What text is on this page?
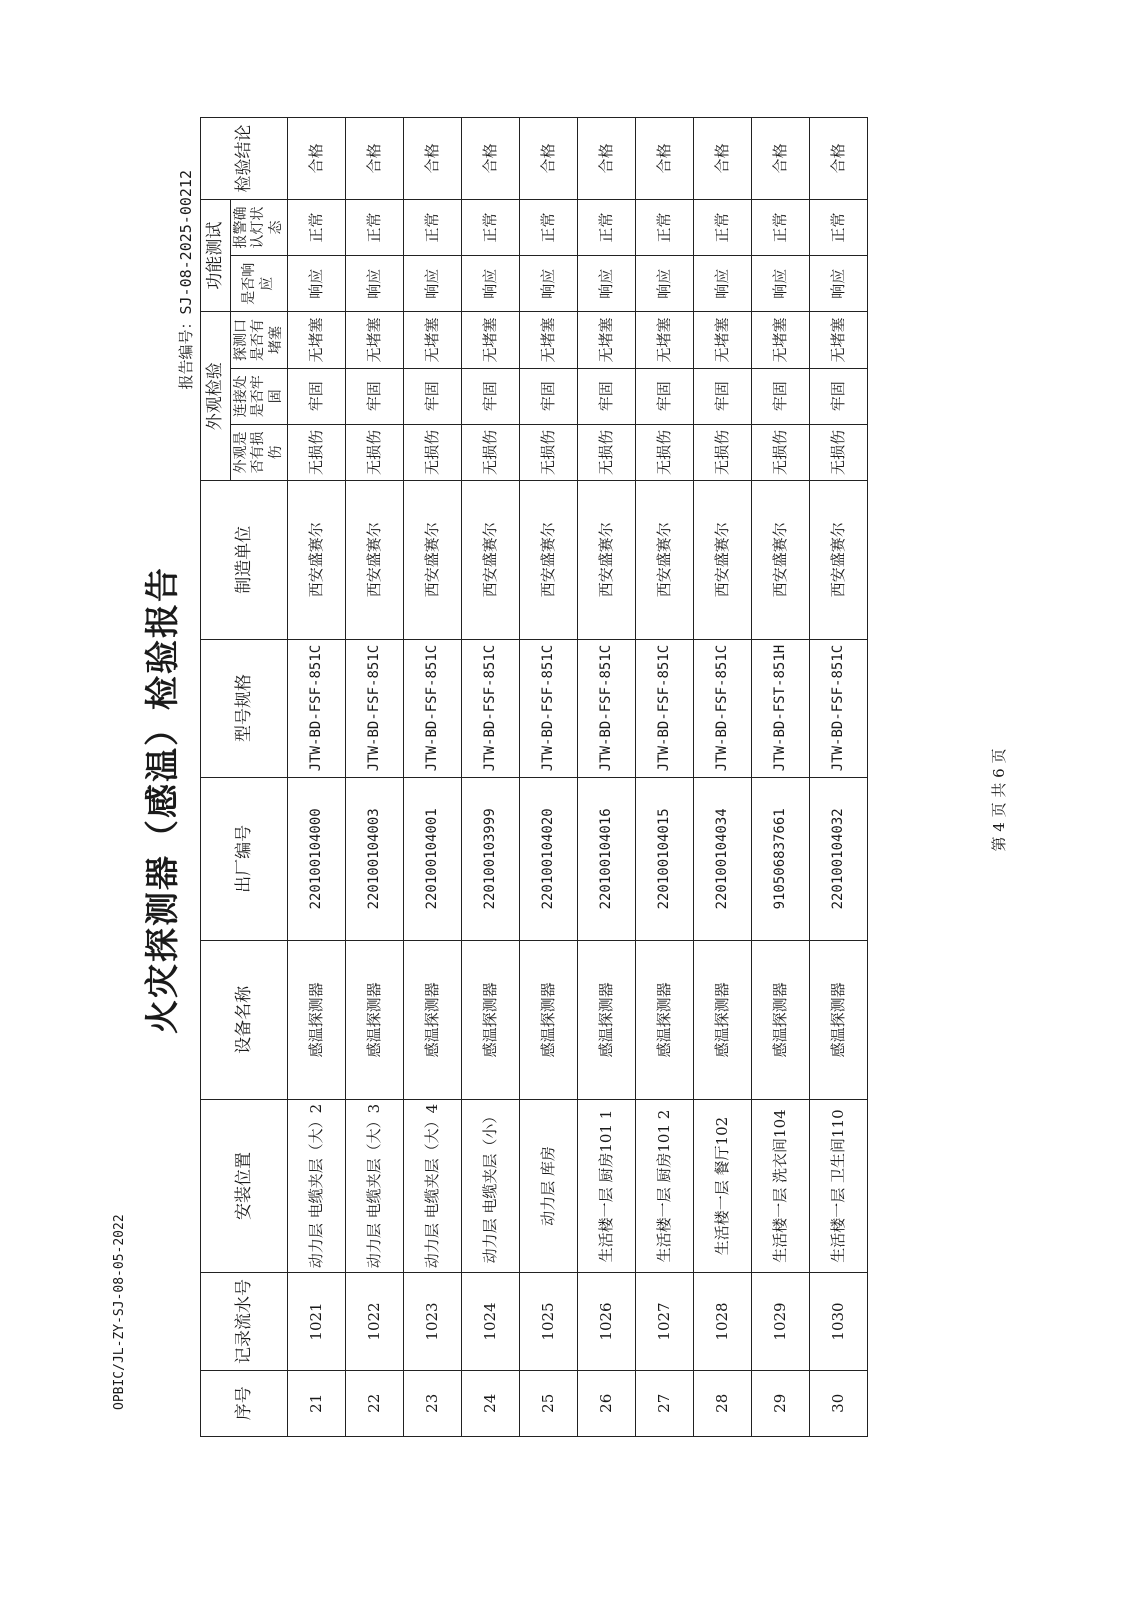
OPBIC/JL-ZY-SJ-08-05-2022
火灾探测器（感温）检验报告
报告编号：SJ-08-2025-00212
序号	记录流水号	安装位置	设备名称	出厂编号	型号规格	制造单位	外观检验			功能测试		检验结论
							外观是否有损伤	连接处是否牢固	探测口是否有堵塞	是否响应	报警确认灯状态	
21	1021	动力层 电缆夹层（大）2	感温探测器	220100104000	JTW-BD-FSF-851C	西安盛赛尔	无损伤	牢固	无堵塞	响应	正常	合格
22	1022	动力层 电缆夹层（大）3	感温探测器	220100104003	JTW-BD-FSF-851C	西安盛赛尔	无损伤	牢固	无堵塞	响应	正常	合格
23	1023	动力层 电缆夹层（大）4	感温探测器	220100104001	JTW-BD-FSF-851C	西安盛赛尔	无损伤	牢固	无堵塞	响应	正常	合格
24	1024	动力层 电缆夹层（小）	感温探测器	220100103999	JTW-BD-FSF-851C	西安盛赛尔	无损伤	牢固	无堵塞	响应	正常	合格
25	1025	动力层 库房	感温探测器	220100104020	JTW-BD-FSF-851C	西安盛赛尔	无损伤	牢固	无堵塞	响应	正常	合格
26	1026	生活楼一层 厨房101 1	感温探测器	220100104016	JTW-BD-FSF-851C	西安盛赛尔	无损伤	牢固	无堵塞	响应	正常	合格
27	1027	生活楼一层 厨房101 2	感温探测器	220100104015	JTW-BD-FSF-851C	西安盛赛尔	无损伤	牢固	无堵塞	响应	正常	合格
28	1028	生活楼一层 餐厅102	感温探测器	220100104034	JTW-BD-FSF-851C	西安盛赛尔	无损伤	牢固	无堵塞	响应	正常	合格
29	1029	生活楼一层 洗衣间104	感温探测器	910506837661	JTW-BD-FST-851H	西安盛赛尔	无损伤	牢固	无堵塞	响应	正常	合格
30	1030	生活楼一层 卫生间110	感温探测器	220100104032	JTW-BD-FSF-851C	西安盛赛尔	无损伤	牢固	无堵塞	响应	正常	合格
第 4 页 共 6 页
